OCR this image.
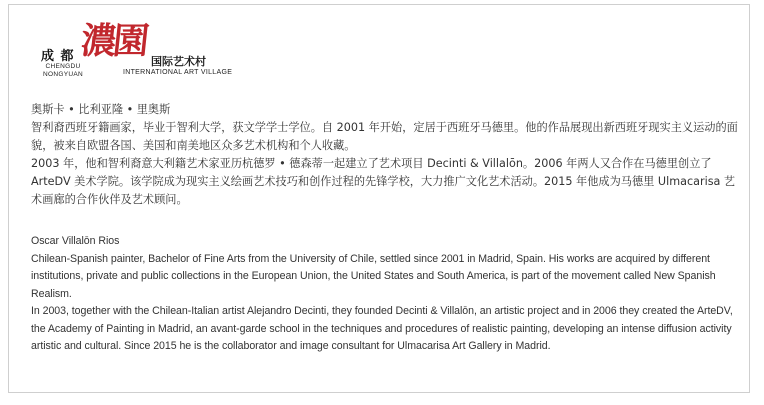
成 都
CHENGDU
NONGYUAN
濃園 国际艺术村
INTERNATIONAL ART VILLAGE

奥斯卡 • 比利亚隆 • 里奥斯

智利裔西班牙籍画家，毕业于智利大学，获文学学士学位。自 2001 年开始，定居于西班牙马德里。他的作品展现出新西班牙现实主义运动的面貌，被来自欧盟各国、美国和南美地区众多艺术机构和个人收藏。

2003 年，他和智利裔意大利籍艺术家亚历杭德罗 • 德森蒂一起建立了艺术项目 Decinti & Villalōn。2006 年两人又合作在马德里创立了 ArteDV 美术学院。该学院成为现实主义绘画艺术技巧和创作过程的先锋学校，大力推广文化艺术活动。2015 年他成为马德里 Ulmacarisa 艺术画廊的合作伙伴及艺术顾问。

Oscar Villalōn Rios

Chilean-Spanish painter, Bachelor of Fine Arts from the University of Chile, settled since 2001 in Madrid, Spain. His works are acquired by different institutions, private and public collections in the European Union, the United States and South America, is part of the movement called New Spanish Realism.

In 2003, together with the Chilean-Italian artist Alejandro Decinti, they founded Decinti & Villalōn, an artistic project and in 2006 they created the ArteDV, the Academy of Painting in Madrid, an avant-garde school in the techniques and procedures of realistic painting, developing an intense diffusion activity artistic and cultural. Since 2015 he is the collaborator and image consultant for Ulmacarisa Art Gallery in Madrid.
